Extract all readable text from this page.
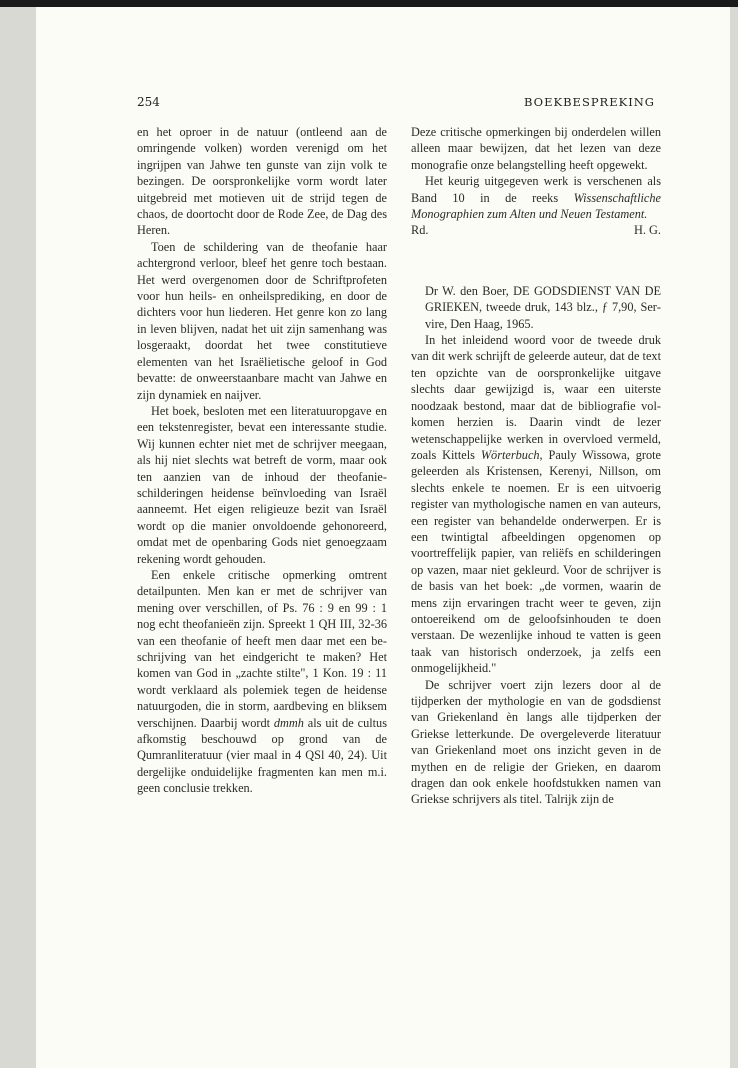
254	BOEKBESPREKING

en het oproer in de natuur (ontleend aan de omringende volken) worden verenigd om het ingrijpen van Jahwe ten gunste van zijn volk te bezingen. De oorspronkelijke vorm wordt later uitgebreid met motieven uit de strijd tegen de chaos, de doortocht door de Rode Zee, de Dag des Heren.

Toen de schildering van de theofanie haar achtergrond verloor, bleef het genre toch bestaan. Het werd overgenomen door de Schriftprofeten voor hun heils- en onheilsprediking, en door de dichters voor hun liederen. Het genre kon zo lang in leven blijven, nadat het uit zijn samenhang was losgeraakt, doordat het twee constitutieve elementen van het Israëlietische geloof in God bevatte: de onweerstaanbare macht van Jahwe en zijn dynamiek en naijver.

Het boek, besloten met een literatuuropgave en een tekstenregister, bevat een interessante studie. Wij kunnen echter niet met de schrijver meegaan, als hij niet slechts wat betreft de vorm, maar ook ten aanzien van de inhoud der theofanieschilderingen heidense beïnvloeding van Israël aanneemt. Het eigen religieuze bezit van Israël wordt op die manier onvoldoende gehonoreerd, omdat met de openbaring Gods niet genoegzaam rekening wordt gehouden.

Een enkele critische opmerking omtrent detailpunten. Men kan er met de schrijver van mening over verschillen, of Ps. 76 : 9 en 99 : 1 nog echt theofanieën zijn. Spreekt 1 QH III, 32-36 van een theofanie of heeft men daar met een beschrijving van het eindgericht te maken? Het komen van God in „zachte stilte", 1 Kon. 19 : 11 wordt verklaard als polemiek tegen de heidense natuurgoden, die in storm, aardbeving en bliksem verschijnen. Daarbij wordt dmmh als uit de cultus afkomstig beschouwd op grond van de Qumranliteratuur (vier maal in 4 QSl 40, 24). Uit dergelijke onduidelijke fragmenten kan men m.i. geen conclusie trekken.

Deze critische opmerkingen bij onderdelen willen alleen maar bewijzen, dat het lezen van deze monografie onze belangstelling heeft opgewekt.

Het keurig uitgegeven werk is verschenen als Band 10 in de reeks Wissenschaftliche Monographien zum Alten und Neuen Testament.

Rd.	H. G.

Dr W. den Boer, DE GODSDIENST VAN DE GRIEKEN, tweede druk, 143 blz., ƒ 7,90, Servire, Den Haag, 1965.

In het inleidend woord voor de tweede druk van dit werk schrijft de geleerde auteur, dat de text ten opzichte van de oorspronkelijke uitgave slechts daar gewijzigd is, waar een uiterste noodzaak bestond, maar dat de bibliografie volkomen herzien is. Daarin vindt de lezer wetenschappelijke werken in overvloed vermeld, zoals Kittels Wörterbuch, Pauly Wissowa, grote geleerden als Kristensen, Kerenyi, Nillson, om slechts enkele te noemen. Er is een uitvoerig register van mythologische namen en van auteurs, een register van behandelde onderwerpen. Er is een twintigtal afbeeldingen opgenomen op voortreffelijk papier, van reliëfs en schilderingen op vazen, maar niet gekleurd. Voor de schrijver is de basis van het boek: „de vormen, waarin de mens zijn ervaringen tracht weer te geven, zijn ontoereikend om de geloofsinhouden te doen verstaan. De wezenlijke inhoud te vatten is geen taak van historisch onderzoek, ja zelfs een onmogelijkheid."

De schrijver voert zijn lezers door al de tijdperken der mythologie en van de godsdienst van Griekenland èn langs alle tijdperken der Griekse letterkunde. De overgeleverde literatuur van Griekenland moet ons inzicht geven in de mythen en de religie der Grieken, en daarom dragen dan ook enkele hoofdstukken namen van Griekse schrijvers als titel. Talrijk zijn de
